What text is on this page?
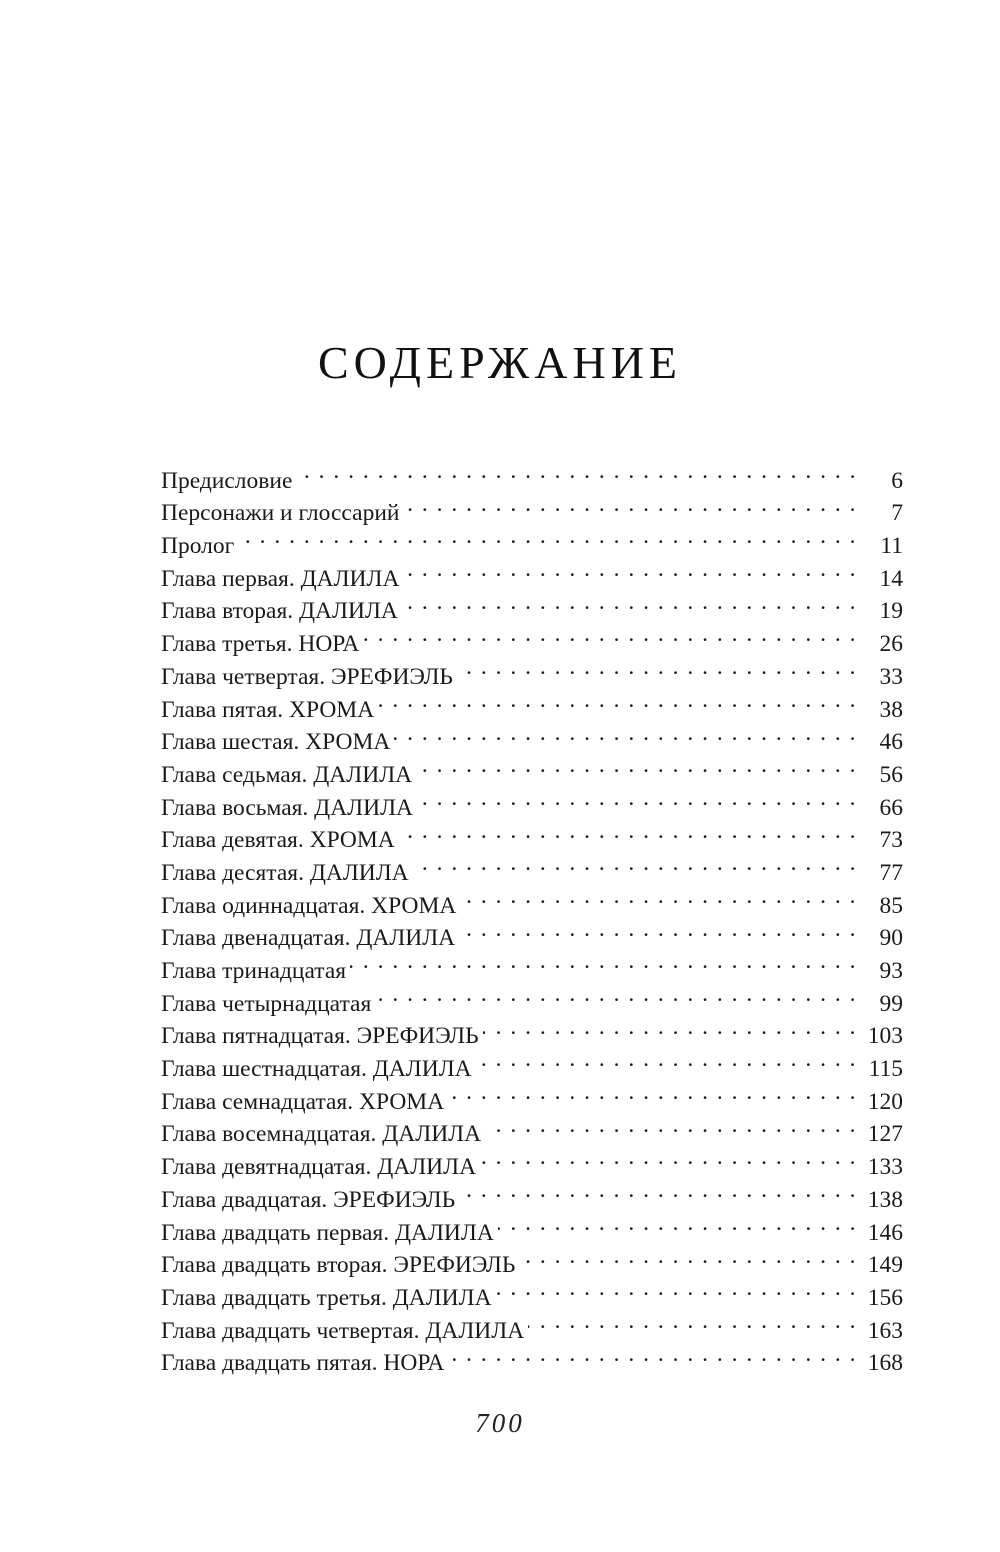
СОДЕРЖАНИЕ
Предисловие . . .	6
Персонажи и глоссарий . . .	7
Пролог . . .	11
Глава первая. ДАЛИЛА . . .	14
Глава вторая. ДАЛИЛА . . .	19
Глава третья. НОРА . . .	26
Глава четвертая. ЭРЕФИЭЛЬ . . .	33
Глава пятая. ХРОМА . . .	38
Глава шестая. ХРОМА . . .	46
Глава седьмая. ДАЛИЛА . . .	56
Глава восьмая. ДАЛИЛА . . .	66
Глава девятая. ХРОМА . . .	73
Глава десятая. ДАЛИЛА . . .	77
Глава одиннадцатая. ХРОМА . . .	85
Глава двенадцатая. ДАЛИЛА . . .	90
Глава тринадцатая . . .	93
Глава четырнадцатая . . .	99
Глава пятнадцатая. ЭРЕФИЭЛЬ . . .	103
Глава шестнадцатая. ДАЛИЛА . . .	115
Глава семнадцатая. ХРОМА . . .	120
Глава восемнадцатая. ДАЛИЛА . . .	127
Глава девятнадцатая. ДАЛИЛА . . .	133
Глава двадцатая. ЭРЕФИЭЛЬ . . .	138
Глава двадцать первая. ДАЛИЛА . . .	146
Глава двадцать вторая. ЭРЕФИЭЛЬ . . .	149
Глава двадцать третья. ДАЛИЛА . . .	156
Глава двадцать четвертая. ДАЛИЛА . . .	163
Глава двадцать пятая. НОРА . . .	168
700
